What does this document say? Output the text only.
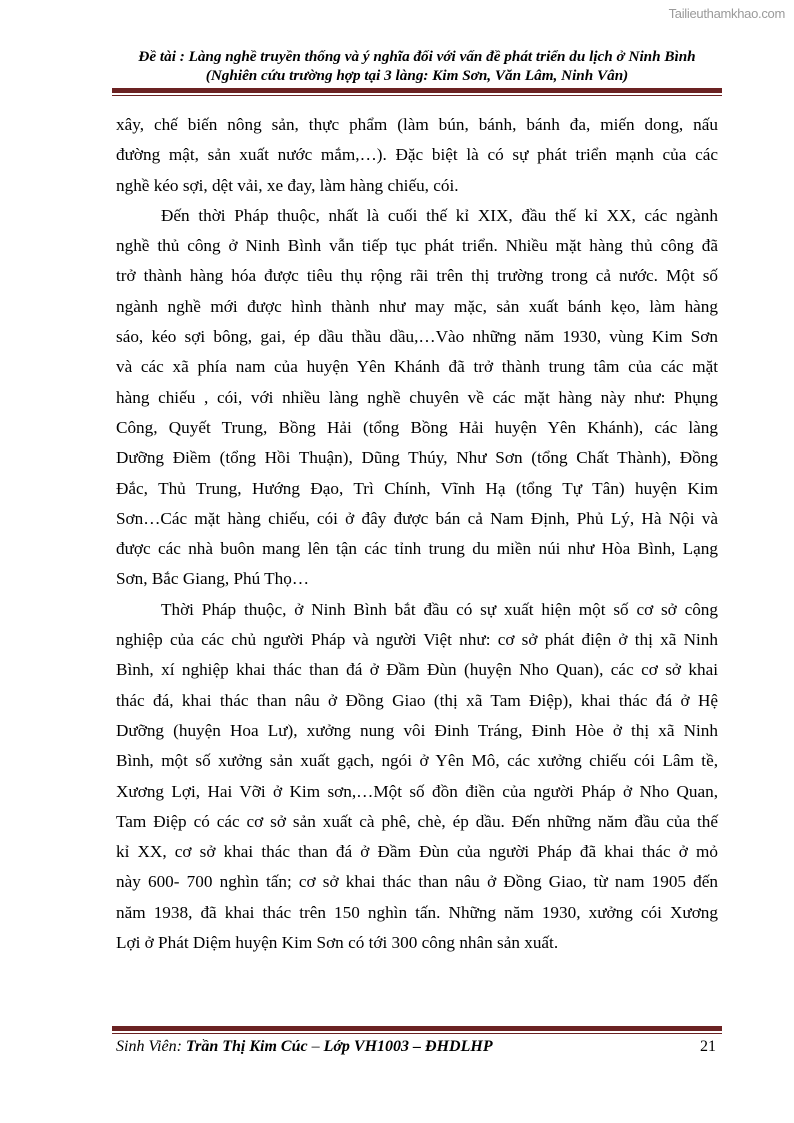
Tailieuthamkhao.com
Đề tài : Làng nghề truyền thống và ý nghĩa đối với vấn đề phát triển du lịch ở Ninh Bình
(Nghiên cứu trường hợp tại 3 làng: Kim Sơn, Văn Lâm, Ninh Vân)
xây, chế biến nông sản, thực phẩm (làm bún, bánh, bánh đa, miến dong, nấu
đường mật, sản xuất nước mắm,…). Đặc biệt là có sự phát triển mạnh của các
nghề kéo sợi, dệt vải, xe đay, làm hàng chiếu, cói.
Đến thời Pháp thuộc, nhất là cuối thế kỉ XIX, đầu thế kỉ XX, các ngành
nghề thủ công ở Ninh Bình vẫn tiếp tục phát triển. Nhiều mặt hàng thủ công đã
trở thành hàng hóa được tiêu thụ rộng rãi trên thị trường trong cả nước. Một số
ngành nghề mới được hình thành như may mặc, sản xuất bánh kẹo, làm hàng
sáo, kéo sợi bông, gai, ép dầu thầu dầu,…Vào những năm 1930, vùng Kim Sơn
và các xã phía nam của huyện Yên Khánh đã trở thành trung tâm của các mặt
hàng chiếu , cói, với nhiều làng nghề chuyên về các mặt hàng này như: Phụng
Công, Quyết Trung, Bồng Hải (tổng Bồng Hải huyện Yên Khánh), các làng
Dưỡng Điềm (tổng Hồi Thuận), Dũng Thúy, Như Sơn (tổng Chất Thành), Đồng
Đắc, Thủ Trung, Hướng Đạo, Trì Chính, Vĩnh Hạ (tổng Tự Tân) huyện Kim
Sơn…Các mặt hàng chiếu, cói ở đây được bán cả Nam Định, Phủ Lý, Hà Nội và
được các nhà buôn mang lên tận các tỉnh trung du miền núi như Hòa Bình, Lạng
Sơn, Bắc Giang, Phú Thọ…
Thời Pháp thuộc, ở Ninh Bình bắt đầu có sự xuất hiện một số cơ sở công
nghiệp của các chủ người Pháp và người Việt như: cơ sở phát điện ở thị xã Ninh
Bình, xí nghiệp khai thác than đá ở Đầm Đùn (huyện Nho Quan), các cơ sở khai
thác đá, khai thác than nâu ở Đồng Giao (thị xã Tam Điệp), khai thác đá ở Hệ
Dưỡng (huyện Hoa Lư), xưởng nung vôi Đinh Tráng, Đinh Hòe ở thị xã Ninh
Bình, một số xưởng sản xuất gạch, ngói ở Yên Mô, các xưởng chiếu cói Lâm tề,
Xương Lợi, Hai Vỡi ở Kim sơn,…Một số đồn điền của người Pháp ở Nho Quan,
Tam Điệp có các cơ sở sản xuất cà phê, chè, ép dầu. Đến những năm đầu của thế
kỉ XX, cơ sở khai thác than đá ở Đầm Đùn của người Pháp đã khai thác ở mỏ
này 600- 700 nghìn tấn; cơ sở khai thác than nâu ở Đồng Giao, từ nam 1905 đến
năm 1938, đã khai thác trên 150 nghìn tấn. Những năm 1930, xưởng cói Xương
Lợi ở Phát Diệm huyện Kim Sơn có tới 300 công nhân sản xuất.
Sinh Viên: Trần Thị Kim Cúc – Lớp VH1003 – ĐHDLHP	21
